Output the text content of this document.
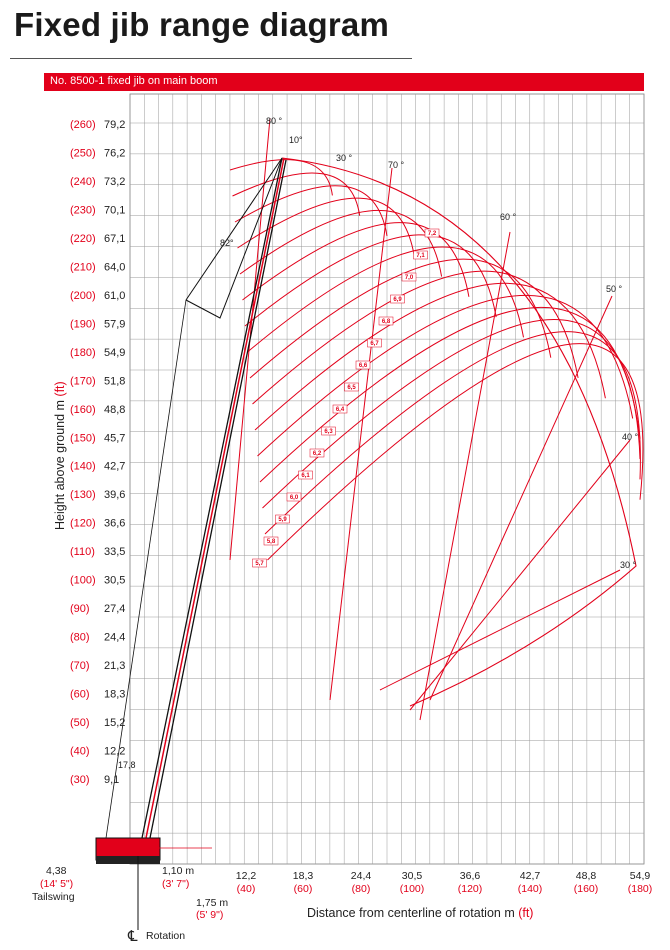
Fixed jib range diagram
No. 8500-1 fixed jib on main boom
(260) 79,2
(250) 76,2
(240) 73,2
(230) 70,1
(220) 67,1
(210) 64,0
(200) 61,0
(190) 57,9
(180) 54,9
(170) 51,8
(160) 48,8
(150) 45,7
(140) 42,7
(130) 39,6
(120) 36,6
(110) 33,5
(100) 30,5
(90) 27,4
(80) 24,4
(70) 21,3
(60) 18,3
(50) 15,2
(40) 12,2
(30) 9,1
12,2
(40)
18,3
(60)
24,4
(80)
30,5
(100)
36,6
(120)
42,7
(140)
48,8
(160)
54,9
(180)
80 °
70 °
60 °
50 °
40 °
30 °
7,2
7,1
7,0
6,9
6,8
6,7
6,6
6,5
6,4
6,3
6,2
6,1
6,0
5,9
5,8
5,7
Distance from centerline of rotation m (ft)
Height above ground m (ft)
4,38
(14' 5")
Tailswing
1,10 m
(3' 7")
1,75 m
(5' 9")
℄ Rotation
17,8
82°
10°
30 °
